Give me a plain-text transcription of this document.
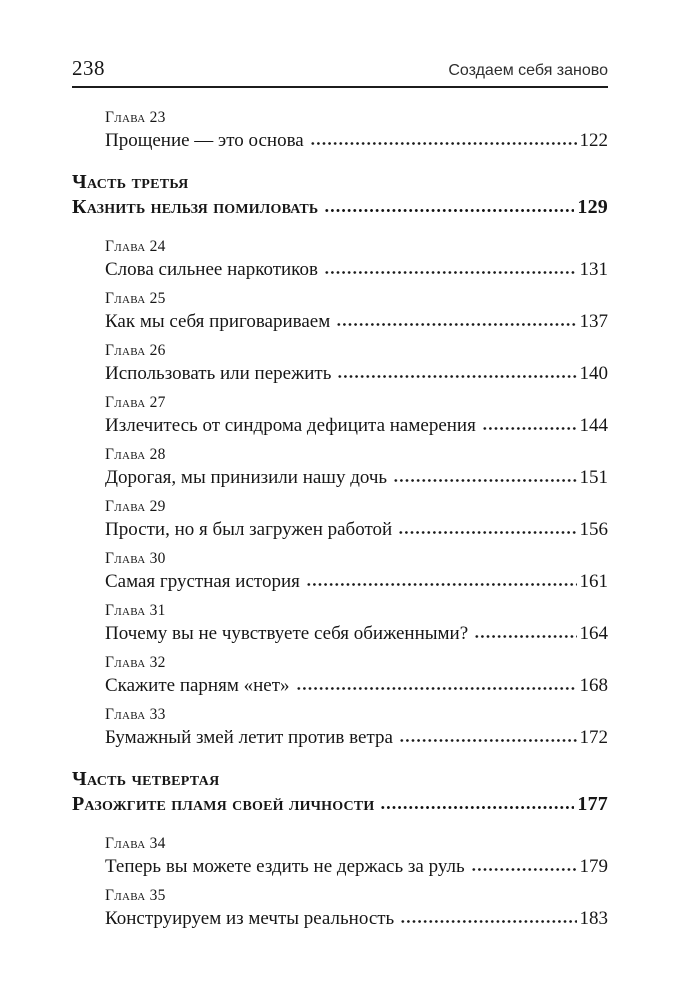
238	Создаем себя заново
Глава 23
Прощение — это основа	122
Часть третья
Казнить нельзя помиловать	129
Глава 24
Слова сильнее наркотиков	131
Глава 25
Как мы себя приговариваем	137
Глава 26
Использовать или пережить	140
Глава 27
Излечитесь от синдрома дефицита намерения	144
Глава 28
Дорогая, мы принизили нашу дочь	151
Глава 29
Прости, но я был загружен работой	156
Глава 30
Самая грустная история	161
Глава 31
Почему вы не чувствуете себя обиженными?	164
Глава 32
Скажите парням «нет»	168
Глава 33
Бумажный змей летит против ветра	172
Часть четвертая
Разожгите пламя своей личности	177
Глава 34
Теперь вы можете ездить не держась за руль	179
Глава 35
Конструируем из мечты реальность	183
